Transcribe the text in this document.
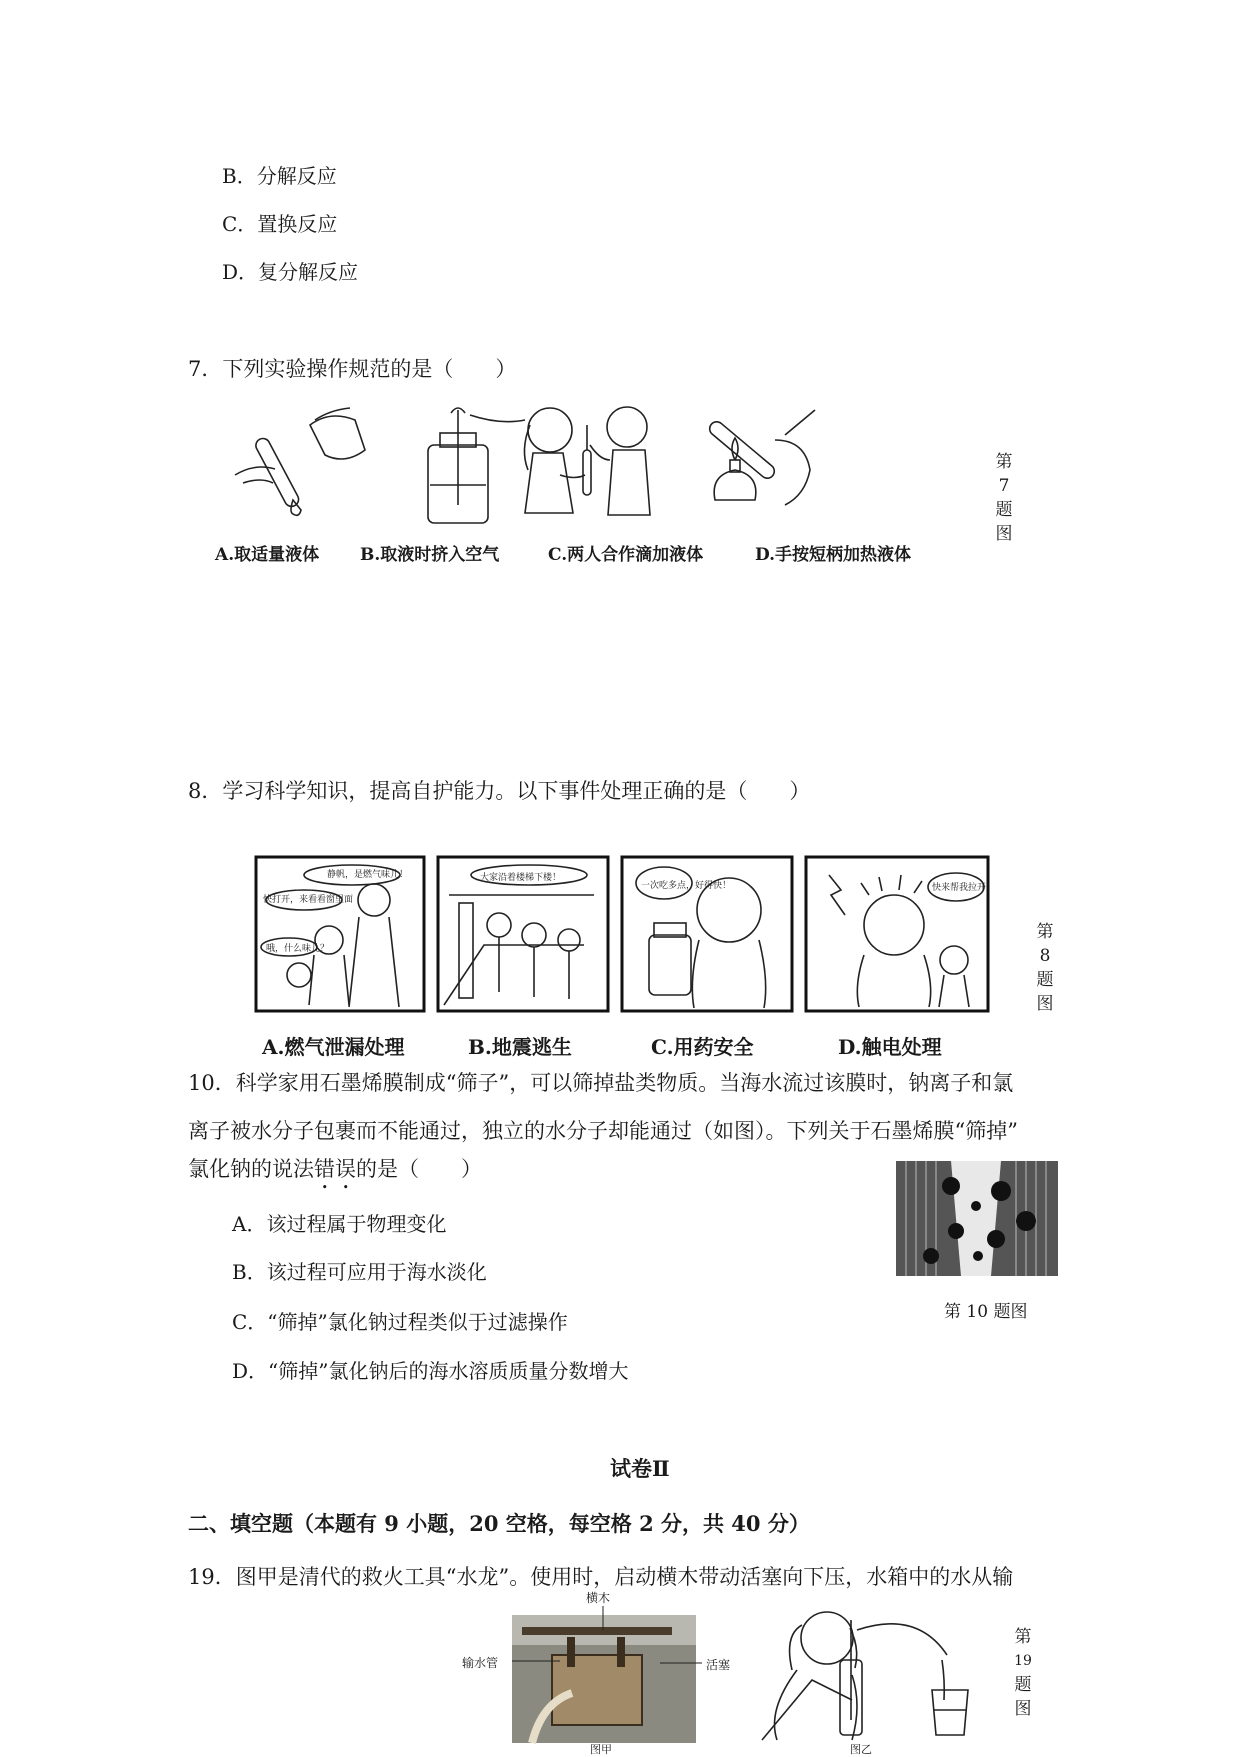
B．分解反应
C．置换反应
D．复分解反应
7．下列实验操作规范的是（　　）
A.取适量液体 B.取液时挤入空气	C.两人合作滴加液体	D.手按短柄加热液体
第
7
题
图
8．学习科学知识，提高自护能力。以下事件处理正确的是（　　）
静帆，是燃气味儿！
快打开，来看看窗里面
哦，什么味儿？
大家沿着楼梯下楼！
一次吃多点，好得快！	快来帮我拉开！
A.燃气泄漏处理	B.地震逃生	C.用药安全	D.触电处理
第
8
题
图
10．科学家用石墨烯膜制成“筛子”，可以筛掉盐类物质。当海水流过该膜时，钠离子和氯
离子被水分子包裹而不能通过，独立的水分子却能通过（如图）。下列关于石墨烯膜“筛掉”
氯化钠的说法错误的是（　　）
A．该过程属于物理变化
B．该过程可应用于海水淡化
C．“筛掉”氯化钠过程类似于过滤操作
D．“筛掉”氯化钠后的海水溶质质量分数增大
第 10 题图
试卷Ⅱ
二、填空题（本题有 9 小题，20 空格，每空格 2 分，共 40 分）
19．图甲是清代的救火工具“水龙”。使用时，启动横木带动活塞向下压，水箱中的水从输
横木
输水管	活塞
图甲	图乙
第
19
题
图
